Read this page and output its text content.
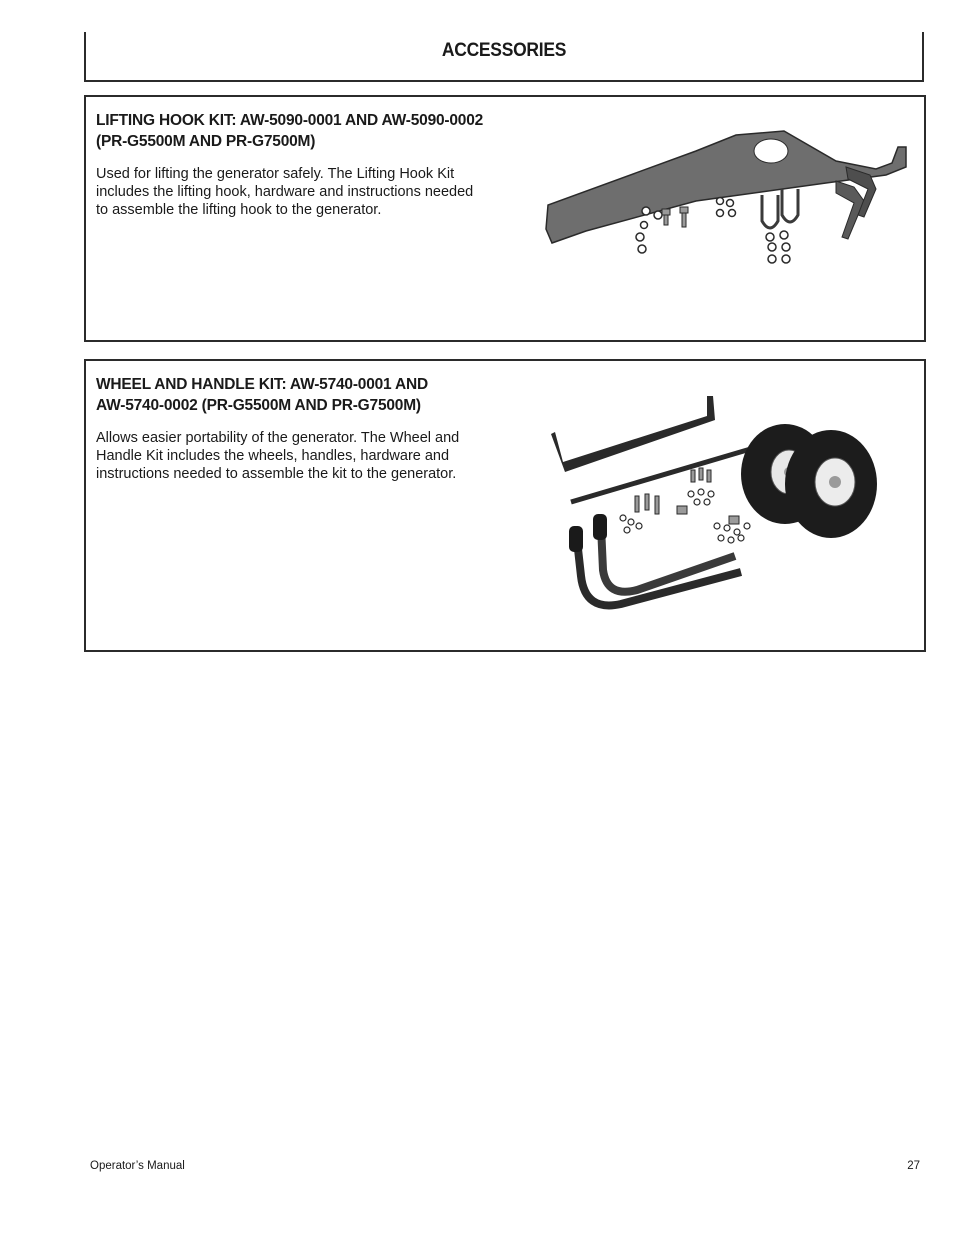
ACCESSORIES
LIFTING HOOK KIT: AW-5090-0001 AND AW-5090-0002
(PR-G5500M AND PR-G7500M)
Used for lifting the generator safely. The Lifting Hook Kit
includes the lifting hook, hardware and instructions needed
to assemble the lifting hook to the generator.
WHEEL AND HANDLE KIT: AW-5740-0001 AND
AW-5740-0002 (PR-G5500M AND PR-G7500M)
Allows easier portability of the generator. The Wheel and
Handle Kit includes the wheels, handles, hardware and
instructions needed to assemble the kit to the generator.
Operator’s Manual	27
